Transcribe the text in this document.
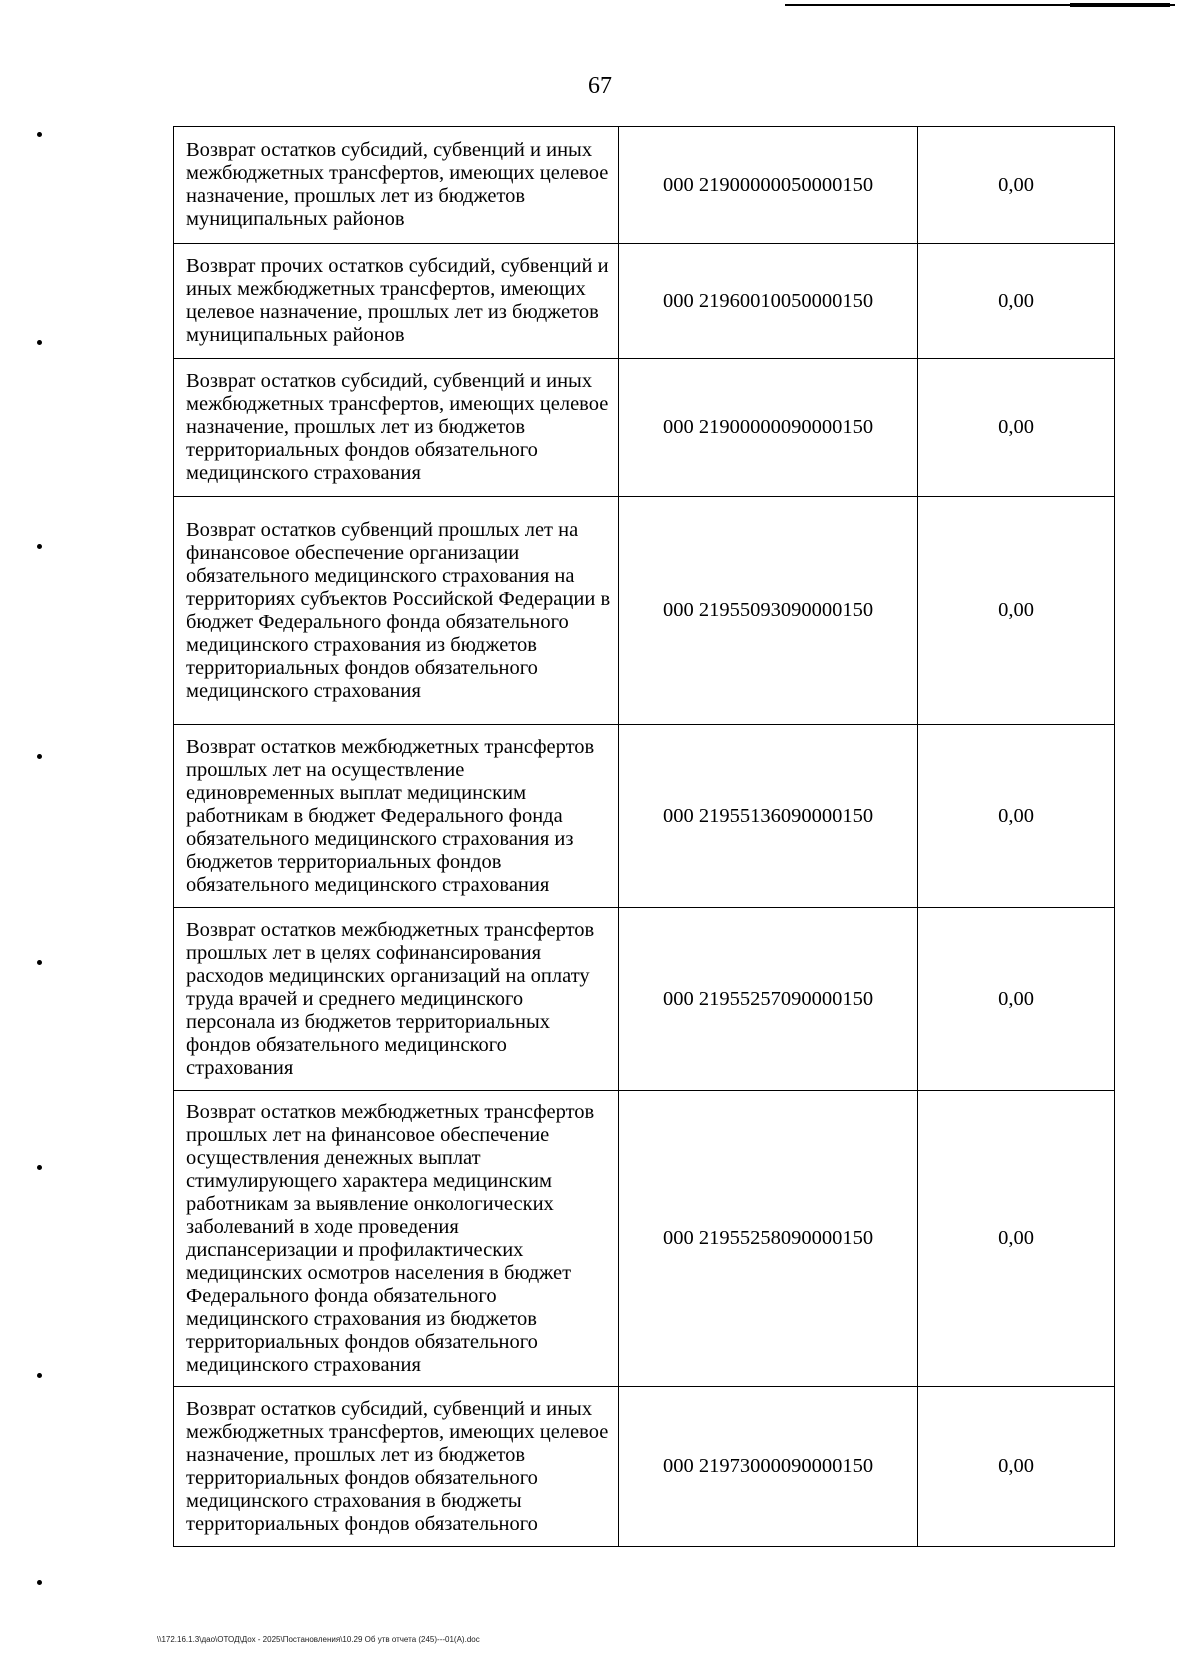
67
Возврат остатков субсидий, субвенций и иных межбюджетных трансфертов, имеющих целевое назначение, прошлых лет из бюджетов муниципальных районов	000 21900000050000150	0,00
Возврат прочих остатков субсидий, субвенций и иных межбюджетных трансфертов, имеющих целевое назначение, прошлых лет из бюджетов муниципальных районов	000 21960010050000150	0,00
Возврат остатков субсидий, субвенций и иных межбюджетных трансфертов, имеющих целевое назначение, прошлых лет из бюджетов территориальных фондов обязательного медицинского страхования	000 21900000090000150	0,00
Возврат остатков субвенций прошлых лет на финансовое обеспечение организации обязательного медицинского страхования на территориях субъектов Российской Федерации в бюджет Федерального фонда обязательного медицинского страхования из бюджетов территориальных фондов обязательного медицинского страхования	000 21955093090000150	0,00
Возврат остатков межбюджетных трансфертов прошлых лет на осуществление единовременных выплат медицинским работникам в бюджет Федерального фонда обязательного медицинского страхования из бюджетов территориальных фондов обязательного медицинского страхования	000 21955136090000150	0,00
Возврат остатков межбюджетных трансфертов прошлых лет в целях софинансирования расходов медицинских организаций на оплату труда врачей и среднего медицинского персонала из бюджетов территориальных фондов обязательного медицинского страхования	000 21955257090000150	0,00
Возврат остатков межбюджетных трансфертов прошлых лет на финансовое обеспечение осуществления денежных выплат стимулирующего характера медицинским работникам за выявление онкологических заболеваний в ходе проведения диспансеризации и профилактических медицинских осмотров населения в бюджет Федерального фонда обязательного медицинского страхования из бюджетов территориальных фондов обязательного медицинского страхования	000 21955258090000150	0,00
Возврат остатков субсидий, субвенций и иных межбюджетных трансфертов, имеющих целевое назначение, прошлых лет из бюджетов территориальных фондов обязательного медицинского страхования в бюджеты территориальных фондов обязательного	000 21973000090000150	0,00
\\172.16.1.3\дао\ОТОД\Дох - 2025\Постановления\10.29 Об утв отчета (245)---01(А).doc
